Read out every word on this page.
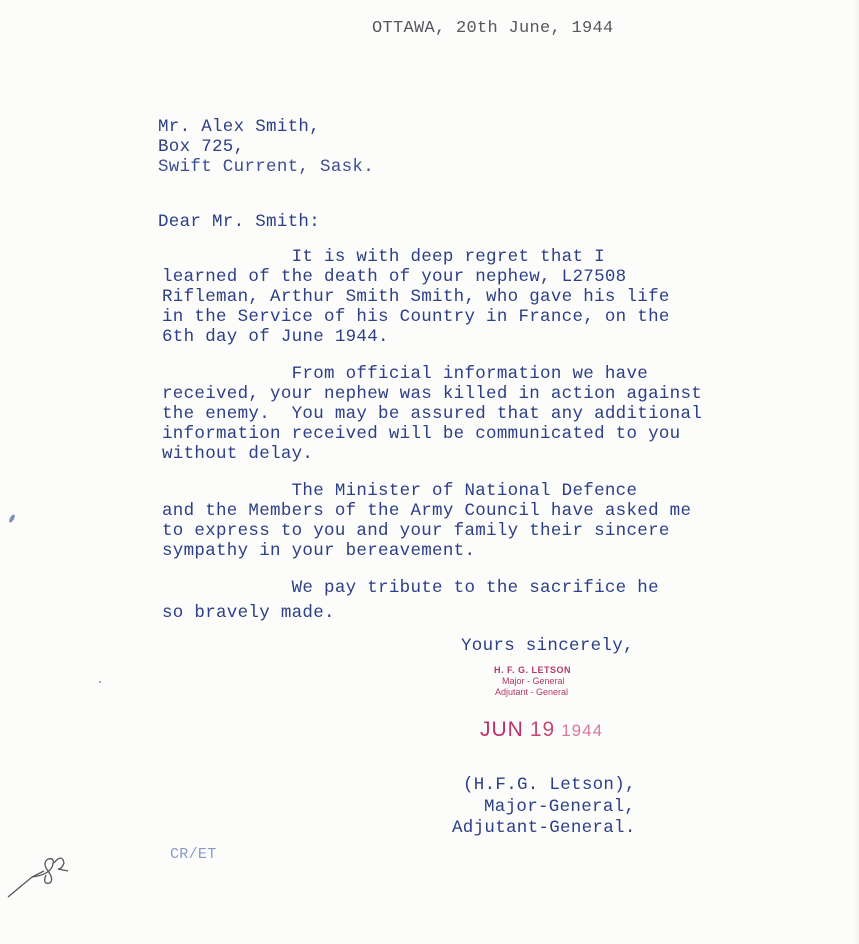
OTTAWA, 20th June, 1944
Mr. Alex Smith,
Box 725,
Swift Current, Sask.
Dear Mr. Smith:
It is with deep regret that I
learned of the death of your nephew, L27508
Rifleman, Arthur Smith Smith, who gave his life
in the Service of his Country in France, on the
6th day of June 1944.
From official information we have
received, your nephew was killed in action against
the enemy.  You may be assured that any additional
information received will be communicated to you
without delay.
The Minister of National Defence
and the Members of the Army Council have asked me
to express to you and your family their sincere
sympathy in your bereavement.
We pay tribute to the sacrifice he
so bravely made.
Yours sincerely,
H. F. G. LETSON
Major - General
Adjutant - General
JUN 19 1944
(H.F.G. Letson),
Major-General,
Adjutant-General.
CR/ET
